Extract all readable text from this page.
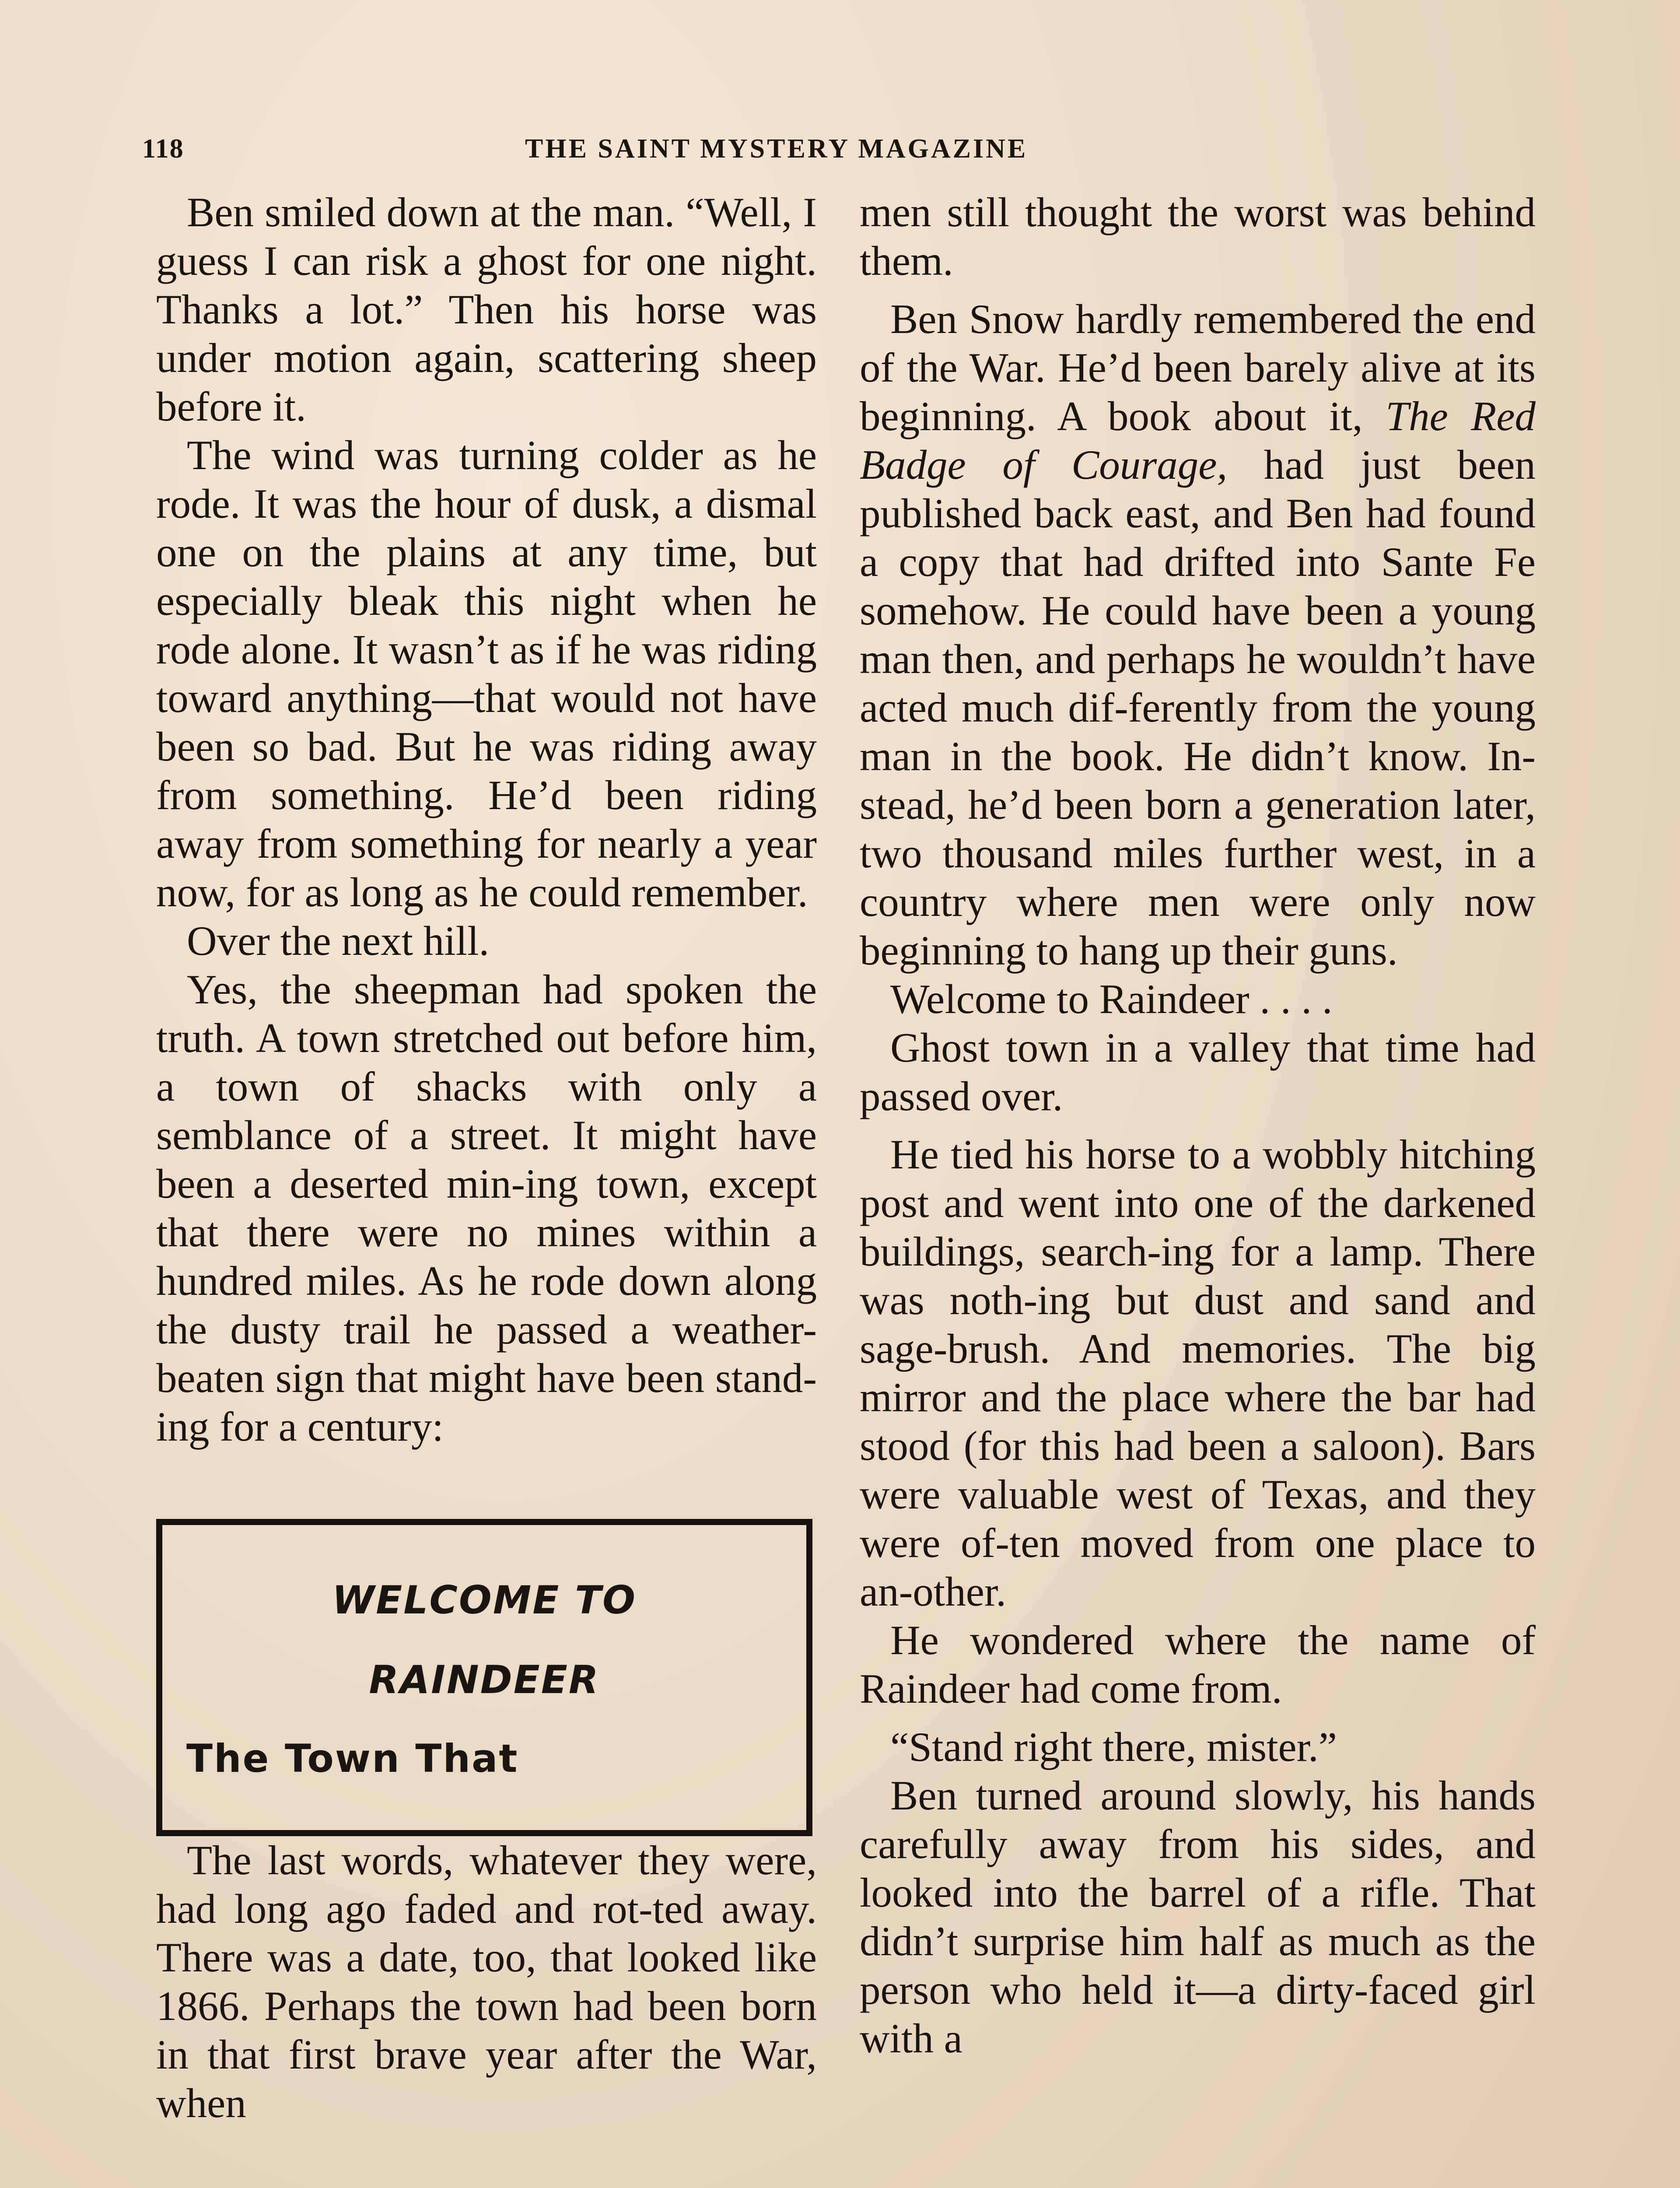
118	THE SAINT MYSTERY MAGAZINE

Ben smiled down at the man. “Well, I guess I can risk a ghost for one night. Thanks a lot.” Then his horse was under motion again, scattering sheep before it.

The wind was turning colder as he rode. It was the hour of dusk, a dismal one on the plains at any time, but especially bleak this night when he rode alone. It wasn’t as if he was riding toward anything—that would not have been so bad. But he was riding away from something. He’d been riding away from something for nearly a year now, for as long as he could remember.

Over the next hill.

Yes, the sheepman had spoken the truth. A town stretched out before him, a town of shacks with only a semblance of a street. It might have been a deserted min-ing town, except that there were no mines within a hundred miles. As he rode down along the dusty trail he passed a weather-beaten sign that might have been stand-ing for a century:

WELCOME TO
RAINDEER
The Town That

The last words, whatever they were, had long ago faded and rot-ted away. There was a date, too, that looked like 1866. Perhaps the town had been born in that first brave year after the War, when

men still thought the worst was behind them.

Ben Snow hardly remembered the end of the War. He’d been barely alive at its beginning. A book about it, The Red Badge of Courage, had just been published back east, and Ben had found a copy that had drifted into Sante Fe somehow. He could have been a young man then, and perhaps he wouldn’t have acted much dif-ferently from the young man in the book. He didn’t know. In-stead, he’d been born a generation later, two thousand miles further west, in a country where men were only now beginning to hang up their guns.

Welcome to Raindeer . . . .

Ghost town in a valley that time had passed over.

He tied his horse to a wobbly hitching post and went into one of the darkened buildings, search-ing for a lamp. There was noth-ing but dust and sand and sage-brush. And memories. The big mirror and the place where the bar had stood (for this had been a saloon). Bars were valuable west of Texas, and they were of-ten moved from one place to an-other.

He wondered where the name of Raindeer had come from.

“Stand right there, mister.”

Ben turned around slowly, his hands carefully away from his sides, and looked into the barrel of a rifle. That didn’t surprise him half as much as the person who held it—a dirty-faced girl with a
